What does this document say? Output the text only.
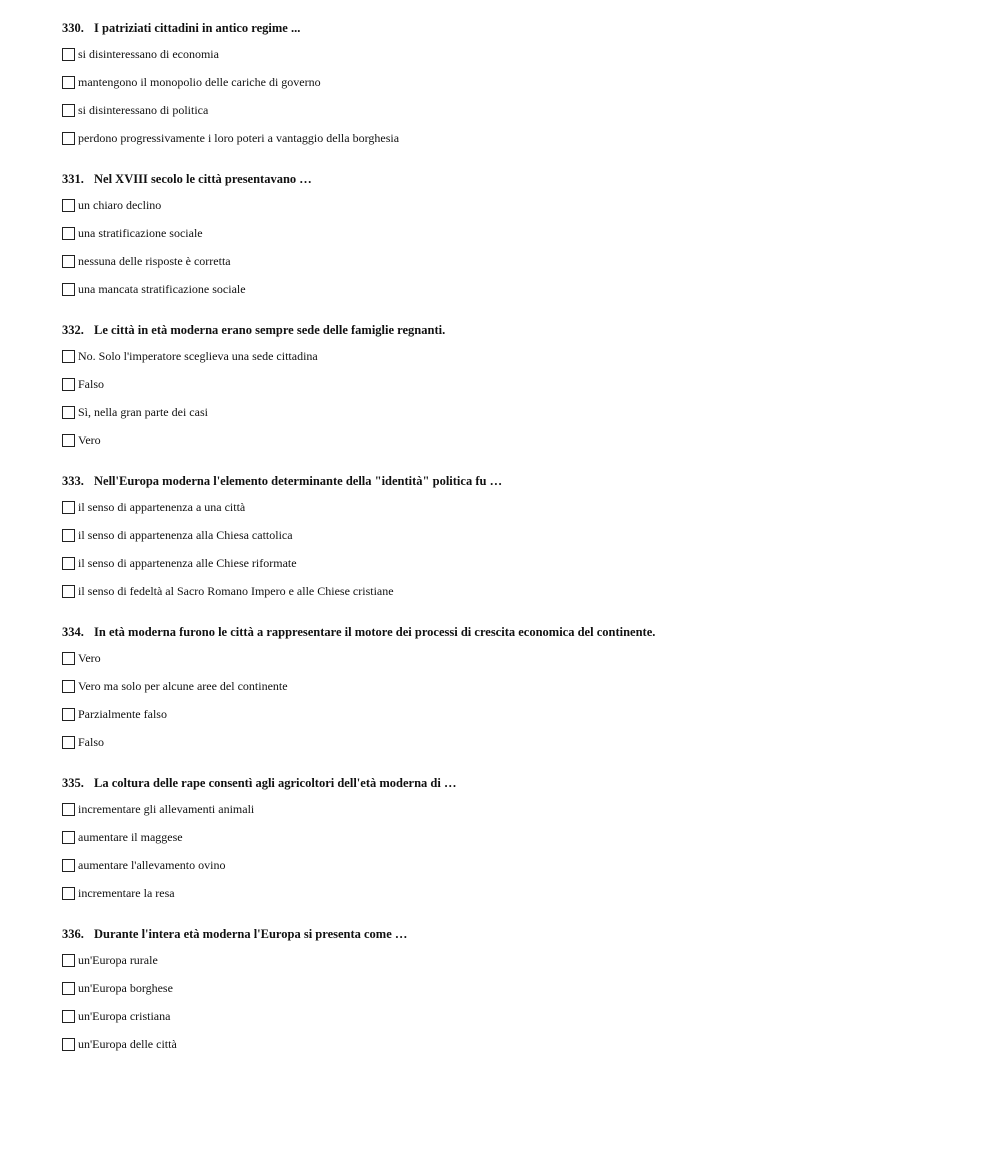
330. I patriziati cittadini in antico regime ...
si disinteressano di economia
mantengono il monopolio delle cariche di governo
si disinteressano di politica
perdono progressivamente i loro poteri a vantaggio della borghesia
331. Nel XVIII secolo le città presentavano …
un chiaro declino
una stratificazione sociale
nessuna delle risposte è corretta
una mancata stratificazione sociale
332. Le città in età moderna erano sempre sede delle famiglie regnanti.
No. Solo l'imperatore sceglieva una sede cittadina
Falso
Sì, nella gran parte dei casi
Vero
333. Nell'Europa moderna l'elemento determinante della "identità" politica fu …
il senso di appartenenza a una città
il senso di appartenenza alla Chiesa cattolica
il senso di appartenenza alle Chiese riformate
il senso di fedeltà al Sacro Romano Impero e alle Chiese cristiane
334. In età moderna furono le città a rappresentare il motore dei processi di crescita economica del continente.
Vero
Vero ma solo per alcune aree del continente
Parzialmente falso
Falso
335. La coltura delle rape consentì agli agricoltori dell'età moderna di …
incrementare gli allevamenti animali
aumentare il maggese
aumentare l'allevamento ovino
incrementare la resa
336. Durante l'intera età moderna l'Europa si presenta come …
un'Europa rurale
un'Europa borghese
un'Europa cristiana
un'Europa delle città
